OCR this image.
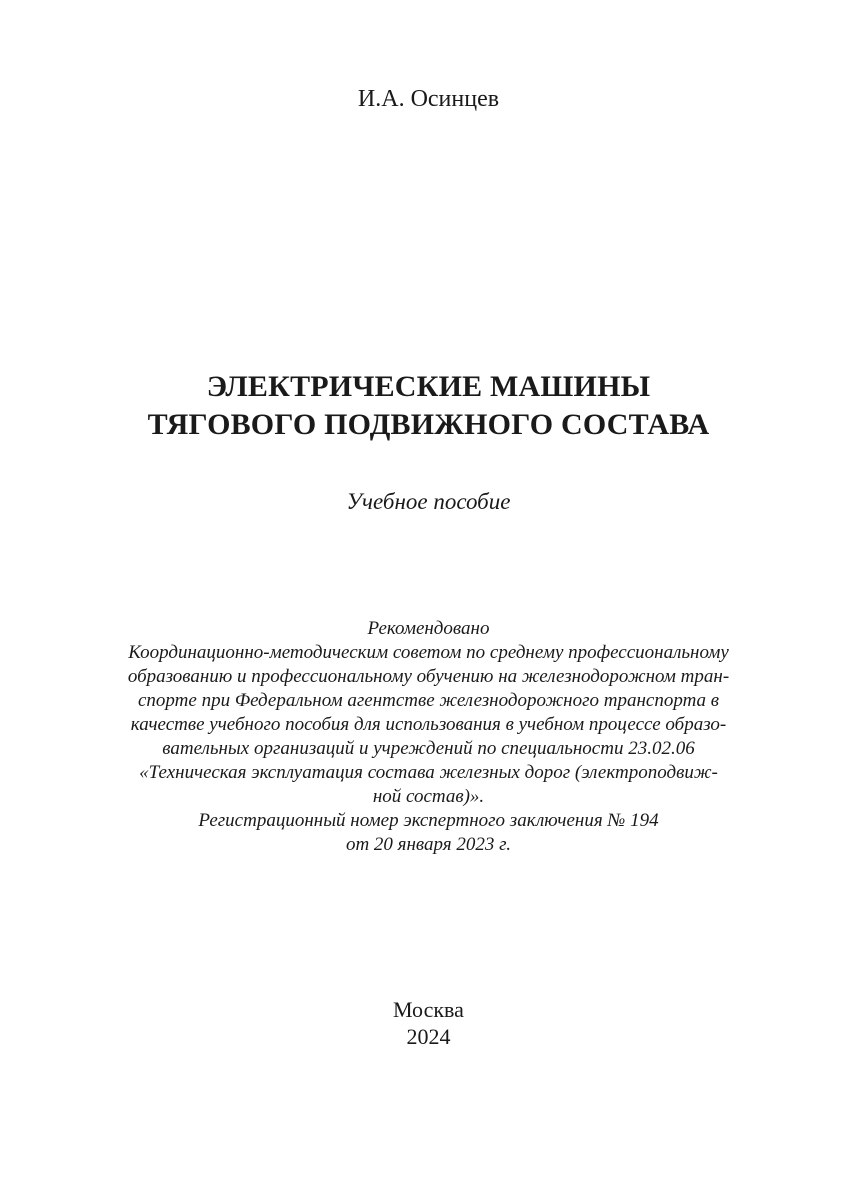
И.А. Осинцев
ЭЛЕКТРИЧЕСКИЕ МАШИНЫ
ТЯГОВОГО ПОДВИЖНОГО СОСТАВА
Учебное пособие
Рекомендовано
Координационно-методическим советом по среднему профессиональному
образованию и профессиональному обучению на железнодорожном тран-
спорте при Федеральном агентстве железнодорожного транспорта в
качестве учебного пособия для использования в учебном процессе образо-
вательных организаций и учреждений по специальности 23.02.06
«Техническая эксплуатация состава железных дорог (электроподвиж-
ной состав)».
Регистрационный номер экспертного заключения № 194
от 20 января 2023 г.
Москва
2024
